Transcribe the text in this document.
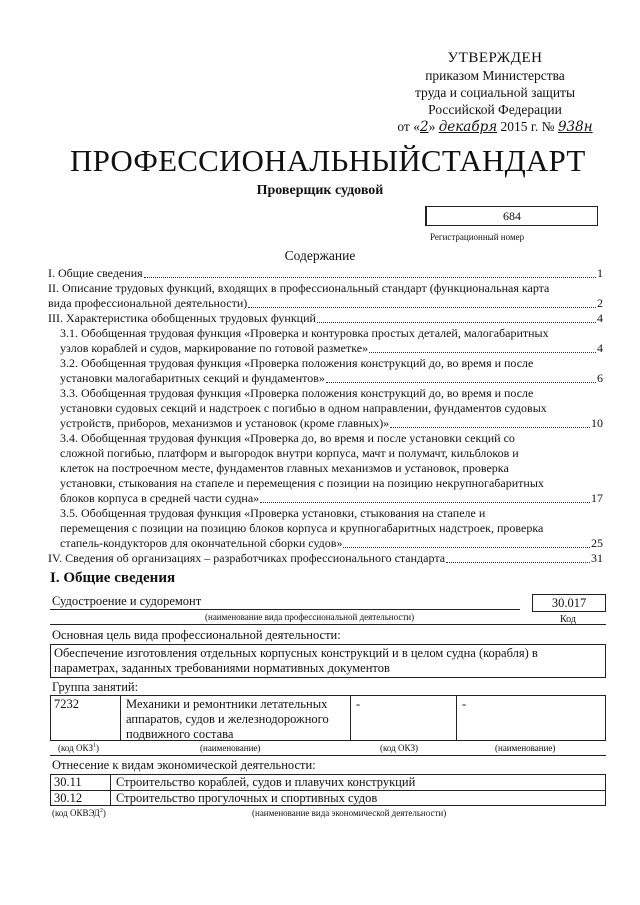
УТВЕРЖДЕН
приказом Министерства
труда и социальной защиты
Российской Федерации
от «2» декабря 2015 г. № 938н
ПРОФЕССИОНАЛЬНЫЙСТАНДАРТ
Проверщик судовой
684
Регистрационный номер
Содержание
I. Общие сведения	1
II. Описание трудовых функций, входящих в профессиональный стандарт (функциональная карта
вида профессиональной деятельности)	2
III. Характеристика обобщенных трудовых функций	4
3.1. Обобщенная трудовая функция «Проверка и контуровка простых деталей, малогабаритных
узлов кораблей и судов, маркирование по готовой разметке»	4
3.2. Обобщенная трудовая функция «Проверка положения конструкций до, во время и после
установки малогабаритных секций и фундаментов»	6
3.3. Обобщенная трудовая функция «Проверка положения конструкций до, во время и после
установки судовых секций и надстроек с погибью в одном направлении, фундаментов судовых
устройств, приборов, механизмов и установок (кроме главных)»	10
3.4. Обобщенная трудовая функция «Проверка до, во время и после установки секций со
сложной погибью, платформ и выгородок внутри корпуса, мачт и полумачт, кильблоков и
клеток на построечном месте, фундаментов главных механизмов и установок, проверка
установки, стыкования на стапеле и перемещения с позиции на позицию некрупногабаритных
блоков корпуса в средней части судна»	17
3.5. Обобщенная трудовая функция «Проверка установки, стыкования на стапеле и
перемещения с позиции на позицию блоков корпуса и крупногабаритных надстроек, проверка
стапель-кондукторов для окончательной сборки судов»	25
IV. Сведения об организациях – разработчиках профессионального стандарта	31
I. Общие сведения
Судостроение и судоремонт	30.017
(наименование вида профессиональной деятельности)	Код
Основная цель вида профессиональной деятельности:
Обеспечение изготовления отдельных корпусных конструкций и в целом судна (корабля) в
параметрах, заданных требованиями нормативных документов
Группа занятий:
7232	Механики и ремонтники летательных
аппаратов, судов и железнодорожного
подвижного состава
-	-
(код ОКЗ$^1$)	(наименование)	(код ОКЗ)	(наименование)
Отнесение к видам экономической деятельности:
30.11	Строительство кораблей, судов и плавучих конструкций
30.12	Строительство прогулочных и спортивных судов
(код ОКВЭД$^2$)	(наименование вида экономической деятельности)
